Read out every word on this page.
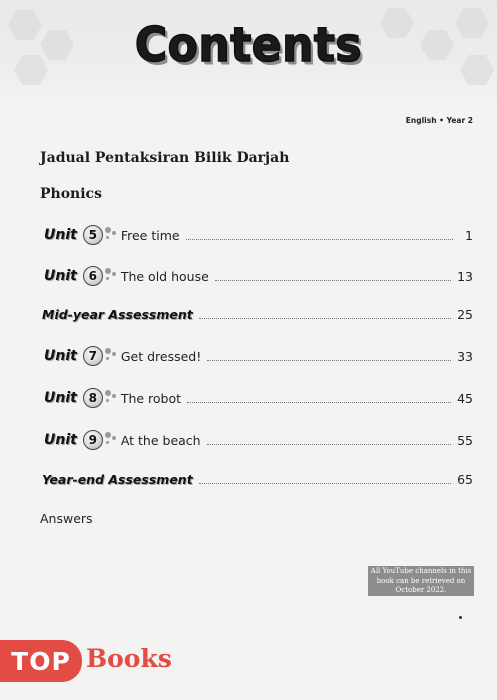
Contents
English • Year 2
Jadual Pentaksiran Bilik Darjah
Phonics
Unit 5	Free time	1
Unit 6	The old house	13
Mid-year Assessment	25
Unit 7	Get dressed!	33
Unit 8	The robot	45
Unit 9	At the beach	55
Year-end Assessment	65
Answers
All YouTube channels in this book can be retrieved on October 2022.
TOP Books
